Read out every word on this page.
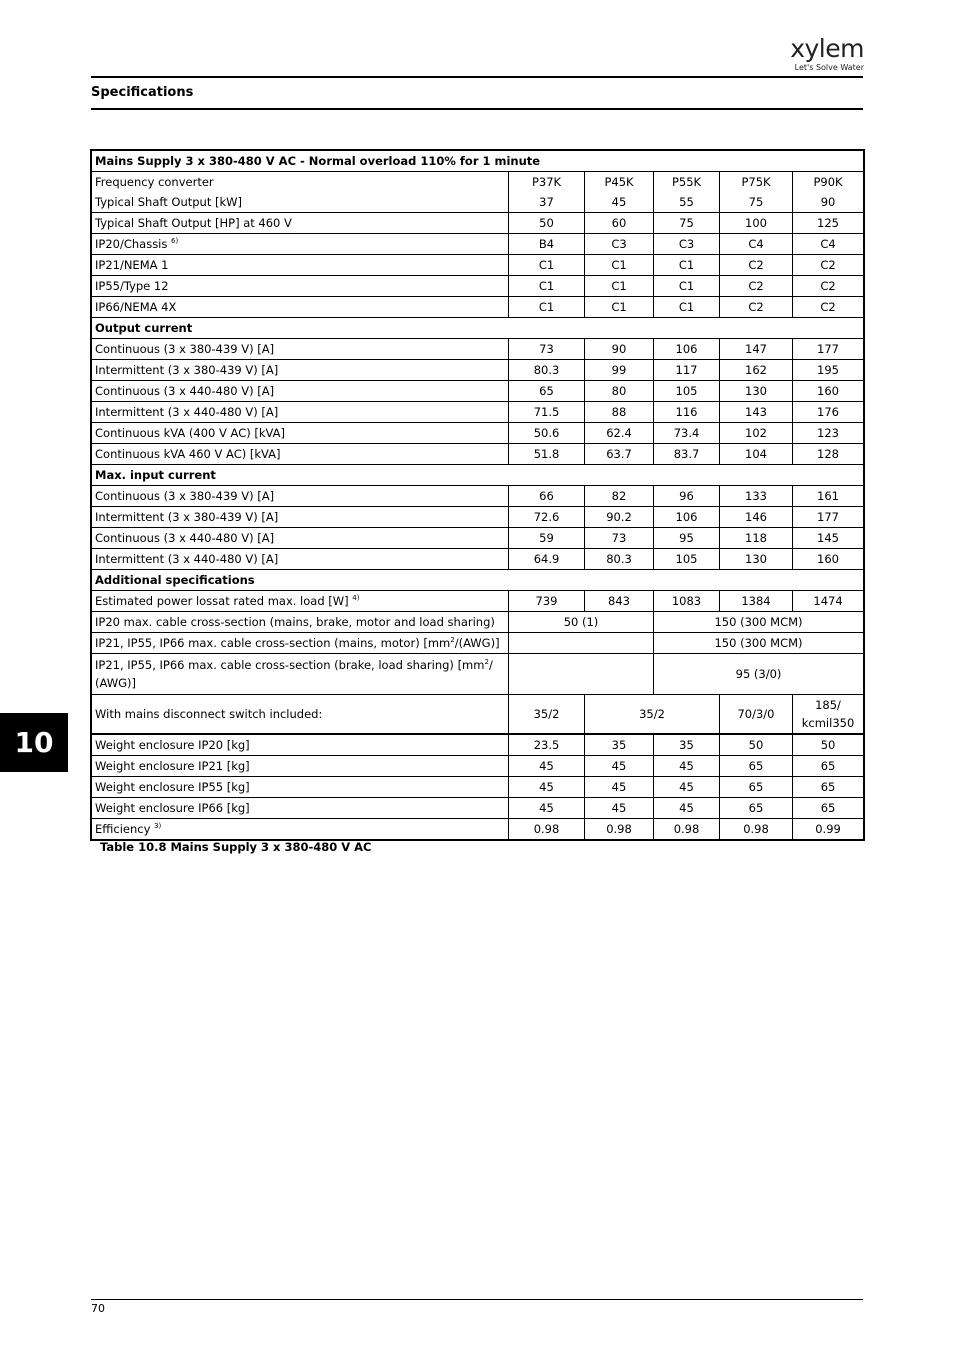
xylem
Let's Solve Water
Specifications
10
Mains Supply 3 x 380-480 V AC - Normal overload 110% for 1 minute					
Frequency converter	P37K	P45K	P55K	P75K	P90K
Typical Shaft Output [kW]	37	45	55	75	90
Typical Shaft Output [HP] at 460 V	50	60	75	100	125
IP20/Chassis $^{6)}$	B4	C3	C3	C4	C4
IP21/NEMA 1	C1	C1	C1	C2	C2
IP55/Type 12	C1	C1	C1	C2	C2
IP66/NEMA 4X	C1	C1	C1	C2	C2
Output current					
Continuous (3 x 380-439 V) [A]	73	90	106	147	177
Intermittent (3 x 380-439 V) [A]	80.3	99	117	162	195
Continuous (3 x 440-480 V) [A]	65	80	105	130	160
Intermittent (3 x 440-480 V) [A]	71.5	88	116	143	176
Continuous kVA (400 V AC) [kVA]	50.6	62.4	73.4	102	123
Continuous kVA 460 V AC) [kVA]	51.8	63.7	83.7	104	128
Max. input current					
Continuous (3 x 380-439 V) [A]	66	82	96	133	161
Intermittent (3 x 380-439 V) [A]	72.6	90.2	106	146	177
Continuous (3 x 440-480 V) [A]	59	73	95	118	145
Intermittent (3 x 440-480 V) [A]	64.9	80.3	105	130	160
Additional specifications					
Estimated power lossat rated max. load [W] $^{4)}$	739	843	1083	1384	1474
IP20 max. cable cross-section (mains, brake, motor and load sharing)	50 (1)		150 (300 MCM)		
IP21, IP55, IP66 max. cable cross-section (mains, motor) $[mm^2/(AWG)]$			150 (300 MCM)		
IP21, IP55, IP66 max. cable cross-section (brake, load sharing) [$mm^2/$ (AWG)]			95 (3/0)		
With mains disconnect switch included:	35/2	35/2		70/3/0	185/ kcmil350
Weight enclosure IP20 [kg]	23.5	35	35	50	50
Weight enclosure IP21 [kg]	45	45	45	65	65
Weight enclosure IP55 [kg]	45	45	45	65	65
Weight enclosure IP66 [kg]	45	45	45	65	65
Efficiency $^{3)}$	0.98	0.98	0.98	0.98	0.99
Table 10.8 Mains Supply 3 x 380-480 V AC
70
